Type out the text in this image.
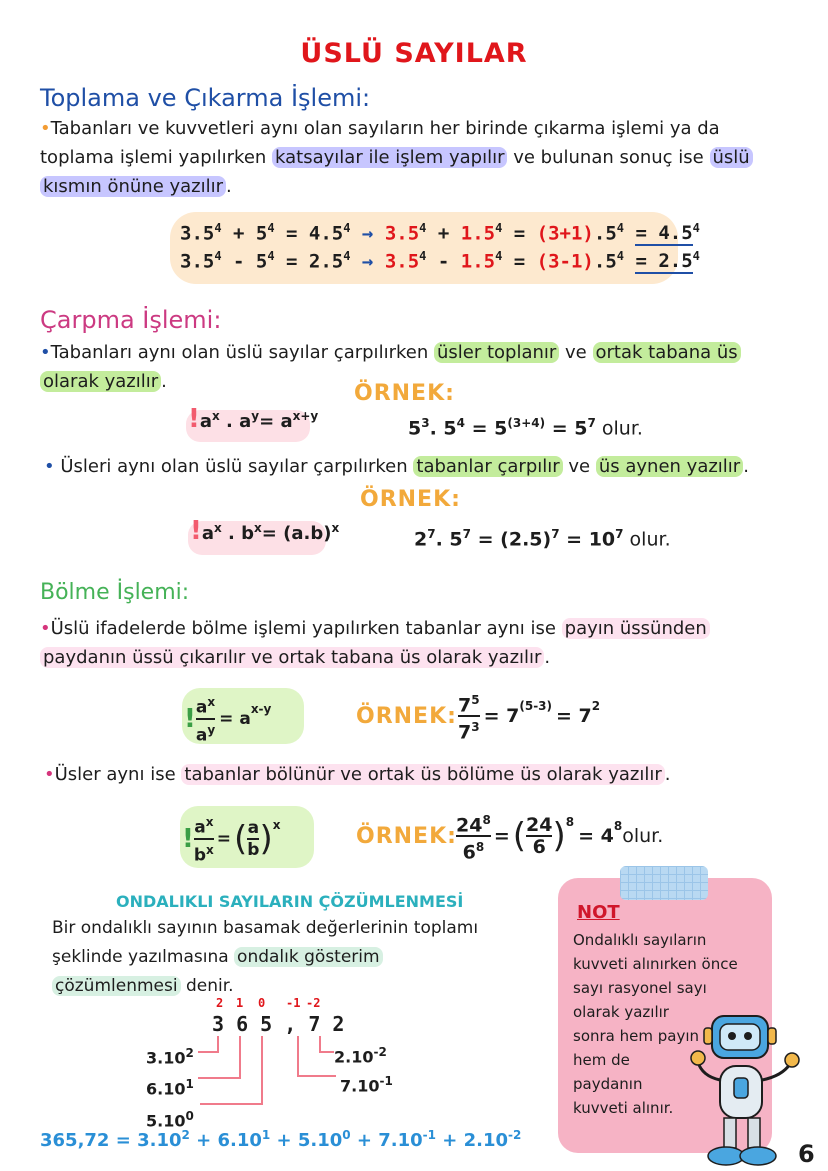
ÜSLÜ SAYILAR
Toplama ve Çıkarma İşlemi:
•Tabanları ve kuvvetleri aynı olan sayıların her birinde çıkarma işlemi ya da
toplama işlemi yapılırken katsayılar ile işlem yapılır ve bulunan sonuç ise üslü
kısmın önüne yazılır .
$3.5^4 + 5^4 = 4.5^4 \to 3.5^4 + 1.5^4 = (3+1).5^4 = 4.5^4$
$3.5^4 - 5^4 = 2.5^4 \to 3.5^4 - 1.5^4 = (3-1).5^4 = 2.5^4$
Çarpma İşlemi:
•Tabanları aynı olan üslü sayılar çarpılırken üsler toplanır ve ortak tabana üs
olarak yazılır .	ÖRNEK:
$!a^x$ . $a^y= a^{x+y}$
$5^3$. $5^4 = 5^{(3+4)} = 5^7$ olur.
• Üsleri aynı olan üslü sayılar çarpılırken tabanlar çarpılır ve üs aynen yazılır .
ÖRNEK:
$!a^x$ . $b^x= (a.b)^x$
$2^7$. $5^7 = (2.5)^7 = 10^7$ olur.
Bölme İşlemi:
•Üslü ifadelerde bölme işlemi yapılırken tabanlar aynı ise payın üssünden
paydanın üssü çıkarılır ve ortak tabana üs olarak yazılır .
! $\frac{a^x}{a^y} = a^{x-y}$	ÖRNEK: $\frac{7^5}{7^3} = 7^{(5-3)} = 7^2$
•Üsler aynı ise tabanlar bölünür ve ortak üs bölüme üs olarak yazılır .
! $\frac{a^x}{b^x}$ = ( $\frac{a}{b} )^x$	ÖRNEK: $\frac{24^8}{6^8}$ = ( $\frac{24}{6} )^8$
= $4^8$ olur.
ONDALIKLI SAYILARIN ÇÖZÜMLENMESİ
Bir ondalıklı sayının basamak değerlerinin toplamı
şeklinde yazılmasına ondalık gösterim
çözümlenmesi denir.
2 1 0 -1 -2
3 6 5 , 7 2
3.10$^2$
6.10$^1$
5.10$^0$
$2.10^{-2}$
$7.10^{-1}$
$365,72 = 3.10^2 + 6.10^1 + 5.10^0 + 7.10^{-1} + 2.10^{-2}$
NOT
Ondalıklı sayıların
kuvveti alınırken önce
sayı rasyonel sayı
olarak yazılır
sonra hem payın
hem de
paydanın
kuvveti alınır.
6
